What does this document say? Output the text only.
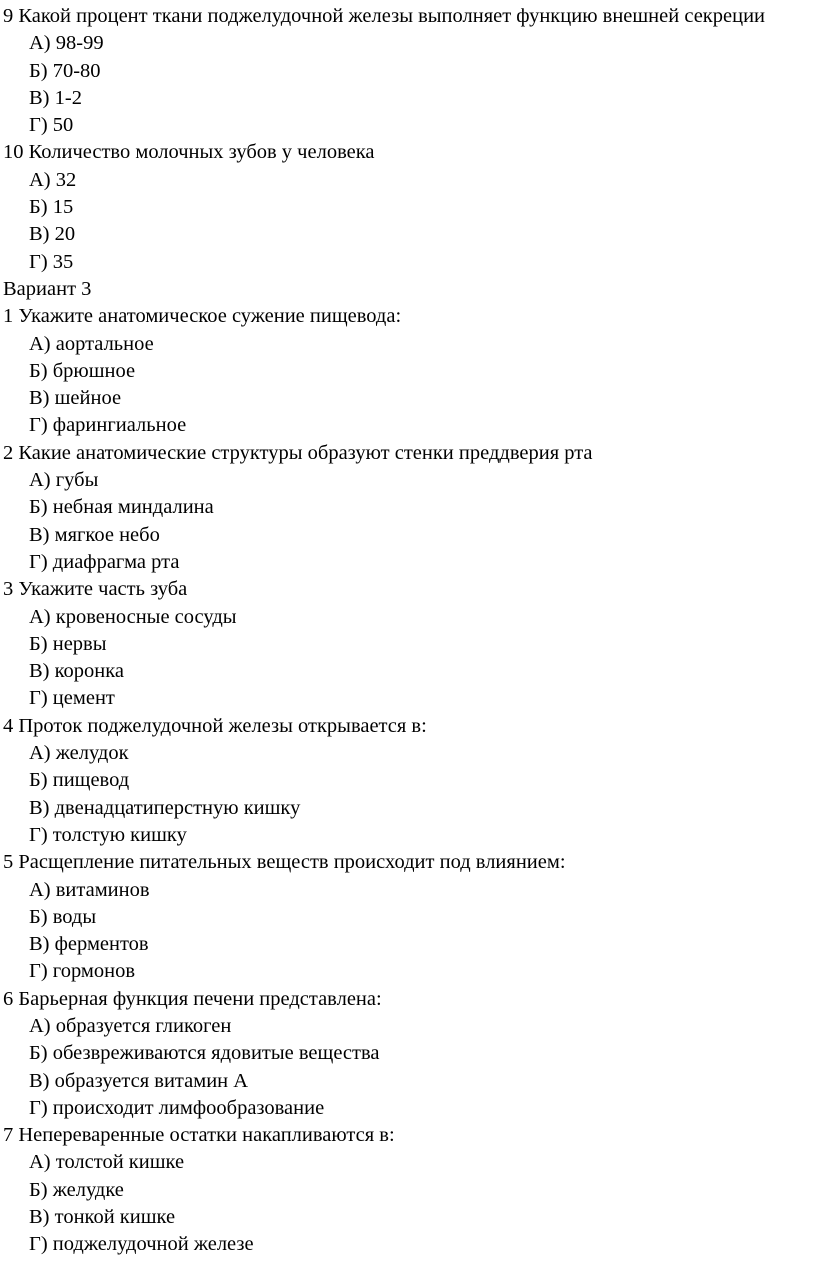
9 Какой процент ткани поджелудочной железы выполняет функцию внешней секреции
А) 98-99
Б) 70-80
В) 1-2
Г) 50
10 Количество молочных зубов у человека
А) 32
Б) 15
В) 20
Г) 35
Вариант 3
1 Укажите анатомическое сужение пищевода:
А) аортальное
Б) брюшное
В) шейное
Г) фарингиальное
2 Какие анатомические структуры образуют стенки преддверия рта
А) губы
Б) небная миндалина
В) мягкое небо
Г) диафрагма рта
3 Укажите часть зуба
А) кровеносные сосуды
Б) нервы
В) коронка
Г) цемент
4 Проток поджелудочной железы открывается в:
А) желудок
Б) пищевод
В) двенадцатиперстную кишку
Г) толстую кишку
5 Расщепление питательных веществ происходит под влиянием:
А) витаминов
Б) воды
В) ферментов
Г) гормонов
6 Барьерная функция печени представлена:
А) образуется гликоген
Б) обезвреживаются ядовитые вещества
В) образуется витамин А
Г) происходит лимфообразование
7 Непереваренные остатки накапливаются в:
А) толстой кишке
Б) желудке
В) тонкой кишке
Г) поджелудочной железе
